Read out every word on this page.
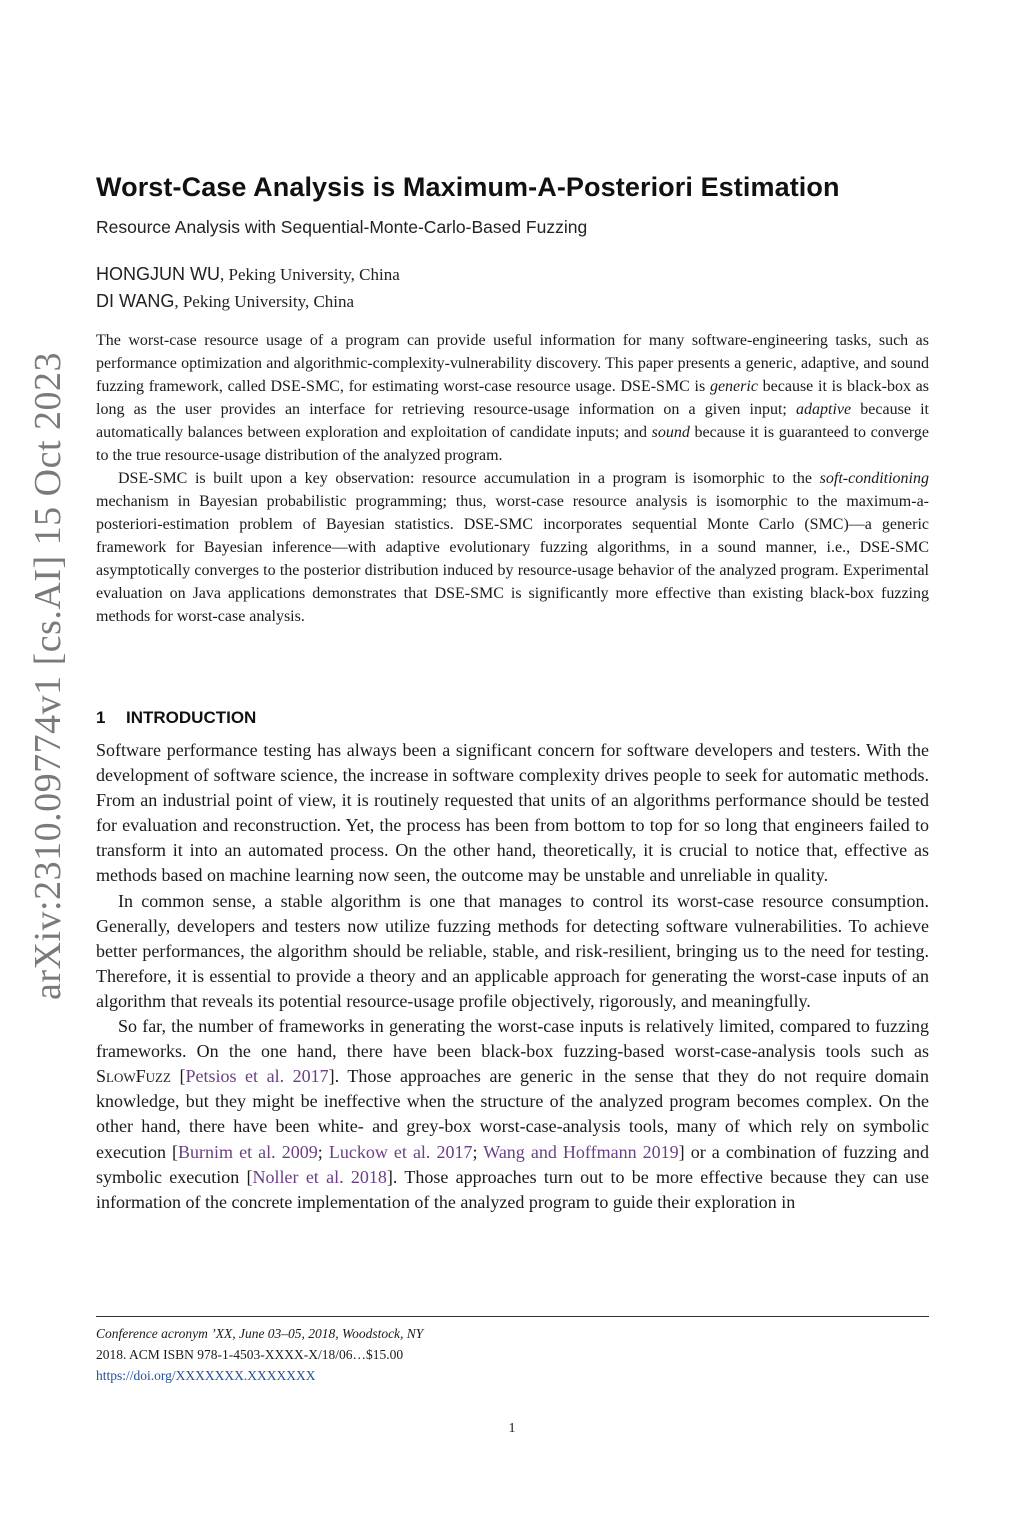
arXiv:2310.09774v1 [cs.AI] 15 Oct 2023
Worst-Case Analysis is Maximum-A-Posteriori Estimation
Resource Analysis with Sequential-Monte-Carlo-Based Fuzzing
HONGJUN WU, Peking University, China
DI WANG, Peking University, China

The worst-case resource usage of a program can provide useful information for many software-engineering tasks, such as performance optimization and algorithmic-complexity-vulnerability discovery. This paper presents a generic, adaptive, and sound fuzzing framework, called DSE-SMC, for estimating worst-case resource usage. DSE-SMC is generic because it is black-box as long as the user provides an interface for retrieving resource-usage information on a given input; adaptive because it automatically balances between exploration and exploitation of candidate inputs; and sound because it is guaranteed to converge to the true resource-usage distribution of the analyzed program.

DSE-SMC is built upon a key observation: resource accumulation in a program is isomorphic to the soft-conditioning mechanism in Bayesian probabilistic programming; thus, worst-case resource analysis is isomorphic to the maximum-a-posteriori-estimation problem of Bayesian statistics. DSE-SMC incorporates sequential Monte Carlo (SMC)—a generic framework for Bayesian inference—with adaptive evolutionary fuzzing algorithms, in a sound manner, i.e., DSE-SMC asymptotically converges to the posterior distribution induced by resource-usage behavior of the analyzed program. Experimental evaluation on Java applications demonstrates that DSE-SMC is significantly more effective than existing black-box fuzzing methods for worst-case analysis.

1 INTRODUCTION

Software performance testing has always been a significant concern for software developers and testers. With the development of software science, the increase in software complexity drives people to seek for automatic methods. From an industrial point of view, it is routinely requested that units of an algorithms performance should be tested for evaluation and reconstruction. Yet, the process has been from bottom to top for so long that engineers failed to transform it into an automated process. On the other hand, theoretically, it is crucial to notice that, effective as methods based on machine learning now seen, the outcome may be unstable and unreliable in quality.

In common sense, a stable algorithm is one that manages to control its worst-case resource consumption. Generally, developers and testers now utilize fuzzing methods for detecting software vulnerabilities. To achieve better performances, the algorithm should be reliable, stable, and risk-resilient, bringing us to the need for testing. Therefore, it is essential to provide a theory and an applicable approach for generating the worst-case inputs of an algorithm that reveals its potential resource-usage profile objectively, rigorously, and meaningfully.

So far, the number of frameworks in generating the worst-case inputs is relatively limited, compared to fuzzing frameworks. On the one hand, there have been black-box fuzzing-based worst-case-analysis tools such as SlowFuzz [Petsios et al. 2017]. Those approaches are generic in the sense that they do not require domain knowledge, but they might be ineffective when the structure of the analyzed program becomes complex. On the other hand, there have been white- and grey-box worst-case-analysis tools, many of which rely on symbolic execution [Burnim et al. 2009; Luckow et al. 2017; Wang and Hoffmann 2019] or a combination of fuzzing and symbolic execution [Noller et al. 2018]. Those approaches turn out to be more effective because they can use information of the concrete implementation of the analyzed program to guide their exploration in

Conference acronym ’XX, June 03–05, 2018, Woodstock, NY
2018. ACM ISBN 978-1-4503-XXXX-X/18/06…$15.00
https://doi.org/XXXXXXX.XXXXXXX
1
